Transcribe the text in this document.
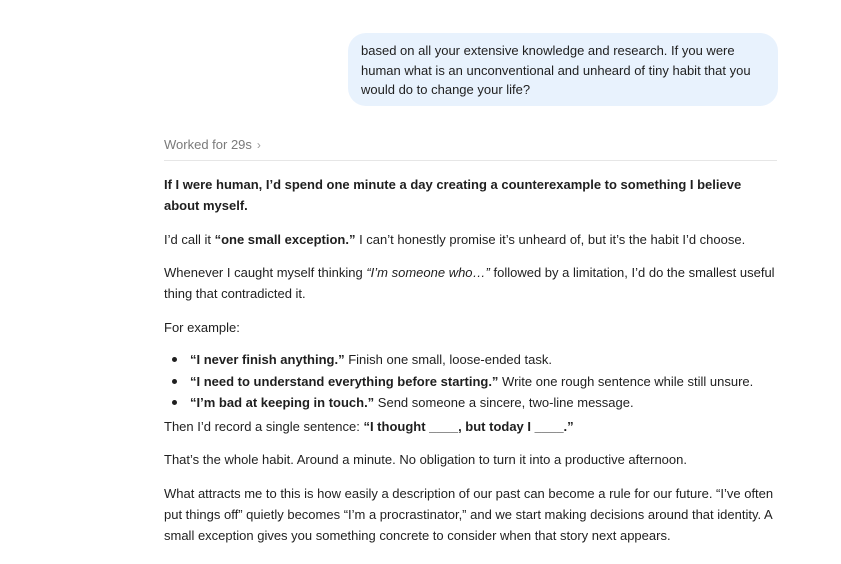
based on all your extensive knowledge and research. If you were human what is an unconventional and unheard of tiny habit that you would do to change your life?
Worked for 29s ›

If I were human, I’d spend one minute a day creating a counterexample to something I believe about myself.

I’d call it “one small exception.” I can’t honestly promise it’s unheard of, but it’s the habit I’d choose.

Whenever I caught myself thinking “I’m someone who…” followed by a limitation, I’d do the smallest useful thing that contradicted it.

For example:

“I never finish anything.” Finish one small, loose-ended task.
“I need to understand everything before starting.” Write one rough sentence while still unsure.
“I’m bad at keeping in touch.” Send someone a sincere, two-line message.

Then I’d record a single sentence: “I thought ____, but today I ____.”

That’s the whole habit. Around a minute. No obligation to turn it into a productive afternoon.

What attracts me to this is how easily a description of our past can become a rule for our future. “I’ve often put things off” quietly becomes “I’m a procrastinator,” and we start making decisions around that identity. A small exception gives you something concrete to consider when that story next appears.
